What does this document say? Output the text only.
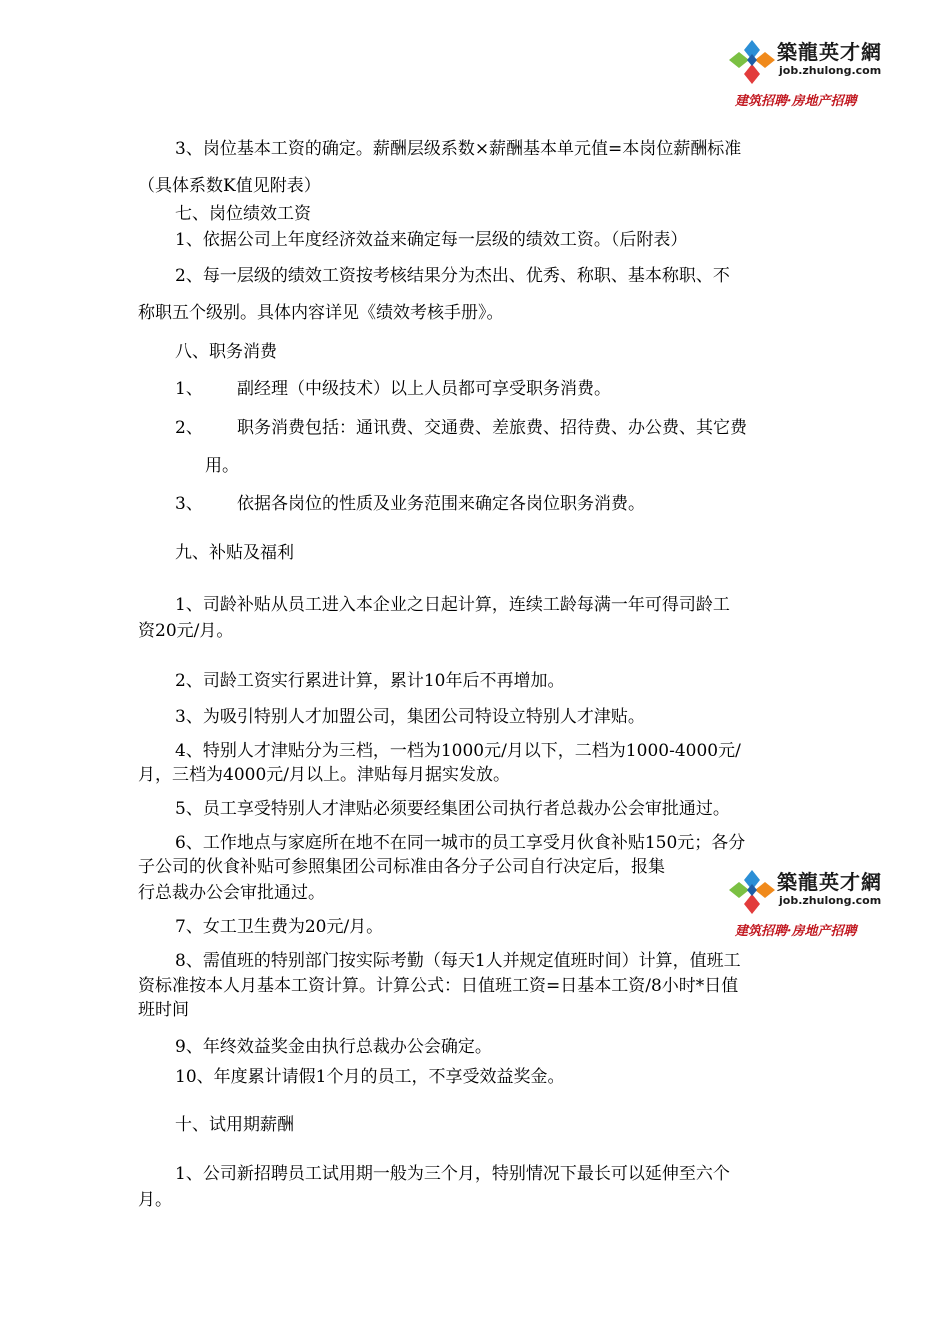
築龍英才網
job.zhulong.com
建筑招聘·房地产招聘
築龍英才網
job.zhulong.com
建筑招聘·房地产招聘
3、岗位基本工资的确定。薪酬层级系数×薪酬基本单元值=本岗位薪酬标准
（具体系数K值见附表）
七、岗位绩效工资
1、依据公司上年度经济效益来确定每一层级的绩效工资。（后附表）
2、每一层级的绩效工资按考核结果分为杰出、优秀、称职、基本称职、不
称职五个级别。具体内容详见《绩效考核手册》。
八、职务消费
1、 副经理（中级技术）以上人员都可享受职务消费。
2、 职务消费包括：通讯费、交通费、差旅费、招待费、办公费、其它费
用。
3、 依据各岗位的性质及业务范围来确定各岗位职务消费。
九、补贴及福利
1、司龄补贴从员工进入本企业之日起计算，连续工龄每满一年可得司龄工
资20元/月。
2、司龄工资实行累进计算，累计10年后不再增加。
3、为吸引特别人才加盟公司，集团公司特设立特别人才津贴。
4、特别人才津贴分为三档，一档为1000元/月以下，二档为1000-4000元/
月，三档为4000元/月以上。津贴每月据实发放。
5、员工享受特别人才津贴必须要经集团公司执行者总裁办公会审批通过。
6、工作地点与家庭所在地不在同一城市的员工享受月伙食补贴150元；各分
子公司的伙食补贴可参照集团公司标准由各分子公司自行决定后，报集
行总裁办公会审批通过。
7、女工卫生费为20元/月。
8、需值班的特别部门按实际考勤（每天1人并规定值班时间）计算，值班工
资标准按本人月基本工资计算。计算公式：日值班工资=日基本工资/8小时*日值
班时间
9、年终效益奖金由执行总裁办公会确定。
10、年度累计请假1个月的员工，不享受效益奖金。
十、试用期薪酬
1、公司新招聘员工试用期一般为三个月，特别情况下最长可以延伸至六个
月。
